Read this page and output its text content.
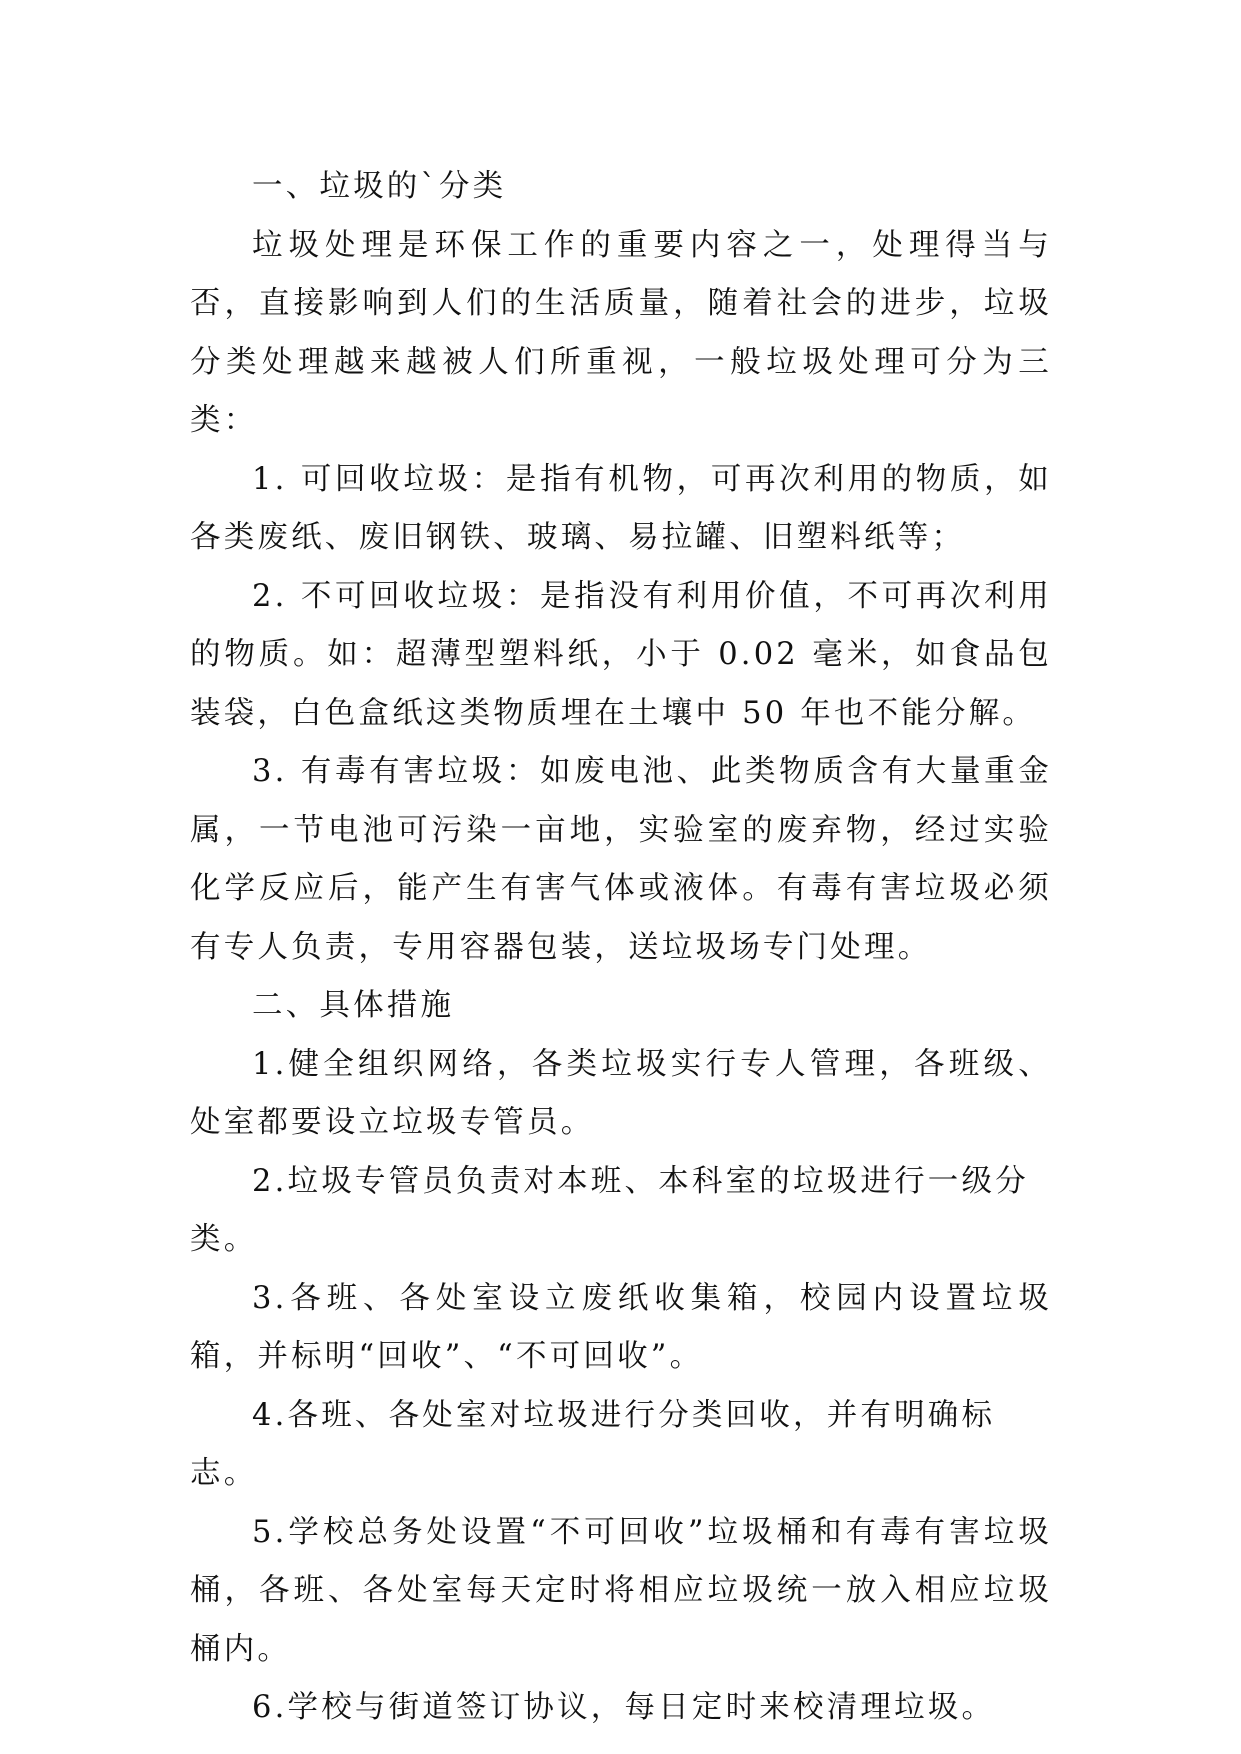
一、垃圾的`分类

垃圾处理是环保工作的重要内容之一，处理得当与否，直接影响到人们的生活质量，随着社会的进步，垃圾分类处理越来越被人们所重视，一般垃圾处理可分为三类：

1. 可回收垃圾：是指有机物，可再次利用的物质，如各类废纸、废旧钢铁、玻璃、易拉罐、旧塑料纸等；

2. 不可回收垃圾：是指没有利用价值，不可再次利用的物质。如：超薄型塑料纸，小于 0.02 毫米，如食品包装袋，白色盒纸这类物质埋在土壤中 50 年也不能分解。

3. 有毒有害垃圾：如废电池、此类物质含有大量重金属，一节电池可污染一亩地，实验室的废弃物，经过实验化学反应后，能产生有害气体或液体。有毒有害垃圾必须有专人负责，专用容器包装，送垃圾场专门处理。

二、具体措施

1.健全组织网络，各类垃圾实行专人管理，各班级、处室都要设立垃圾专管员。

2.垃圾专管员负责对本班、本科室的垃圾进行一级分类。

3.各班、各处室设立废纸收集箱，校园内设置垃圾箱，并标明“回收”、“不可回收”。

4.各班、各处室对垃圾进行分类回收，并有明确标志。

5.学校总务处设置“不可回收”垃圾桶和有毒有害垃圾桶，各班、各处室每天定时将相应垃圾统一放入相应垃圾桶内。

6.学校与街道签订协议，每日定时来校清理垃圾。
